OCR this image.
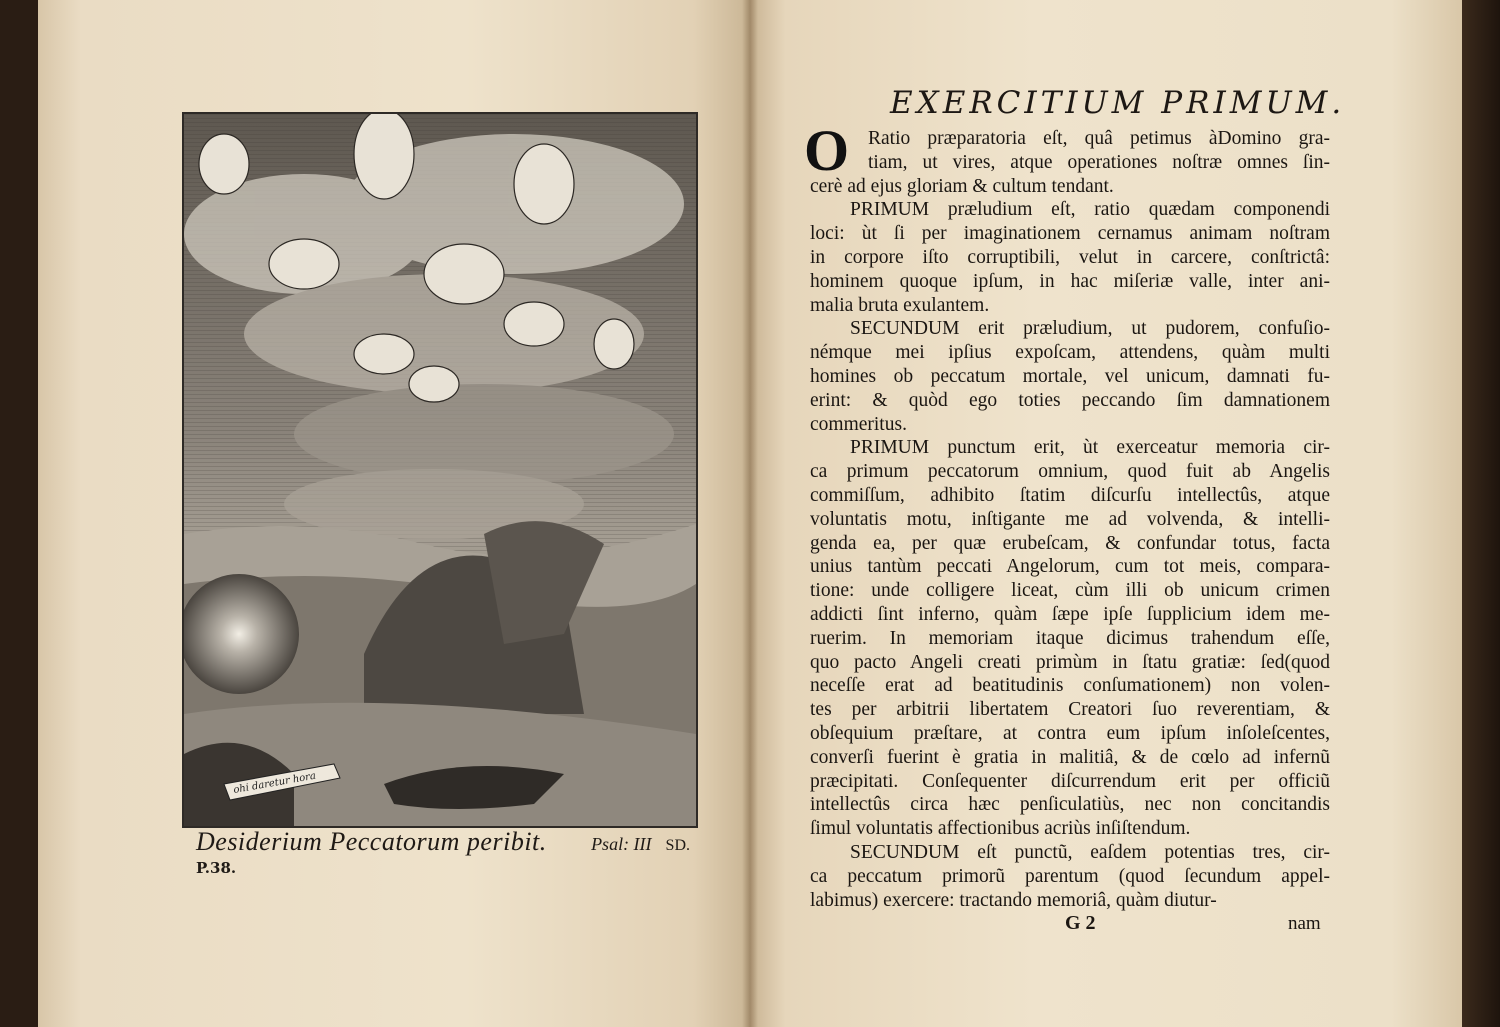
ohi daretur hora
Desiderium Peccatorum peribit. Psal: III SD.
P.38.
EXERCITIUM PRIMUM.
O Ratio præparatoria eſt, quâ petimus àDomino gra-
tiam, ut vires, atque operationes noſtræ omnes ſin-
cerè ad ejus gloriam & cultum tendant.
PRIMUM præludium eſt, ratio quædam componendi
loci: ùt ſi per imaginationem cernamus animam noſtram
in corpore iſto corruptibili, velut in carcere, conſtrictâ:
hominem quoque ipſum, in hac miſeriæ valle, inter ani-
malia bruta exulantem.
SECUNDUM erit præludium, ut pudorem, confuſio-
némque mei ipſius expoſcam, attendens, quàm multi
homines ob peccatum mortale, vel unicum, damnati fu-
erint: & quòd ego toties peccando ſim damnationem
commeritus.
PRIMUM punctum erit, ùt exerceatur memoria cir-
ca primum peccatorum omnium, quod fuit ab Angelis
commiſſum, adhibito ſtatim diſcurſu intellectûs, atque
voluntatis motu, inſtigante me ad volvenda, & intelli-
genda ea, per quæ erubeſcam, & confundar totus, facta
unius tantùm peccati Angelorum, cum tot meis, compara-
tione: unde colligere liceat, cùm illi ob unicum crimen
addicti ſint inferno, quàm ſæpe ipſe ſupplicium idem me-
ruerim. In memoriam itaque dicimus trahendum eſſe,
quo pacto Angeli creati primùm in ſtatu gratiæ: ſed(quod
neceſſe erat ad beatitudinis conſumationem) non volen-
tes per arbitrii libertatem Creatori ſuo reverentiam, &
obſequium præſtare, at contra eum ipſum inſoleſcentes,
converſi fuerint è gratia in malitiâ, & de cœlo ad infernũ
præcipitati. Conſequenter diſcurrendum erit per officiũ
intellectûs circa hæc penſiculatiùs, nec non concitandis
ſimul voluntatis affectionibus acriùs inſiſtendum.
SECUNDUM eſt punctũ, eaſdem potentias tres, cir-
ca peccatum primorũ parentum (quod ſecundum appel-
labimus) exercere: tractando memoriâ, quàm diutur-
G 2	nam
